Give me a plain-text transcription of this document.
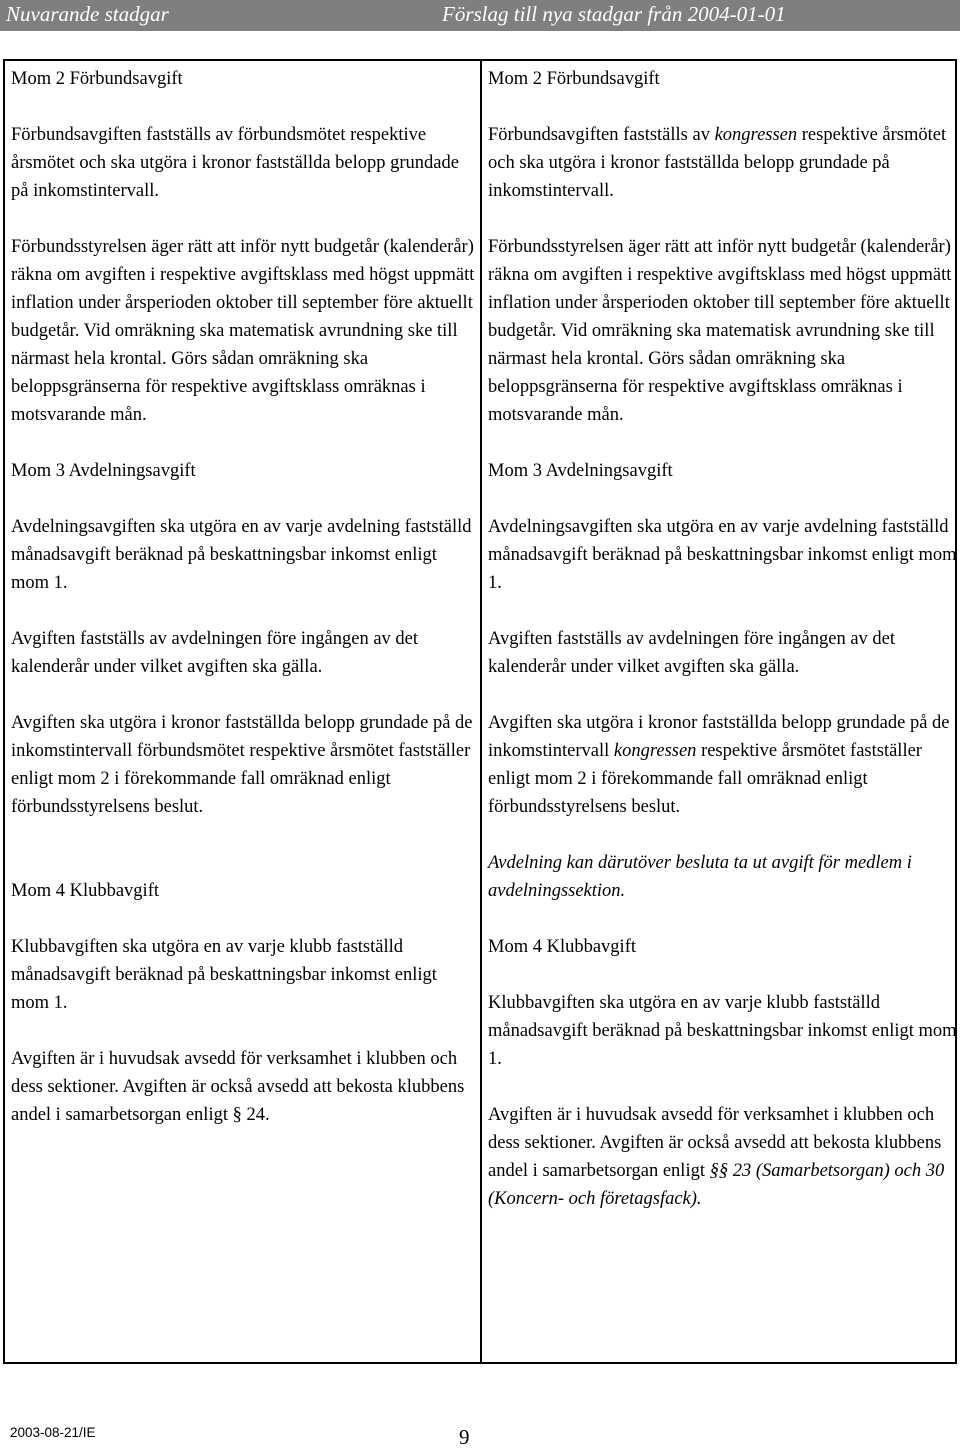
Nuvarande stadgar	Förslag till nya stadgar från 2004-01-01

Mom 2 Förbundsavgift

Förbundsavgiften fastställs av förbundsmötet respektive årsmötet och ska utgöra i kronor fastställda belopp grundade på inkomstintervall.

Förbundsstyrelsen äger rätt att inför nytt budgetår (kalenderår) räkna om avgiften i respektive avgiftsklass med högst uppmätt inflation under årsperioden oktober till september före aktuellt budgetår. Vid omräkning ska matematisk avrundning ske till närmast hela krontal. Görs sådan omräkning ska beloppsgränserna för respektive avgiftsklass omräknas i motsvarande mån.

Mom 3 Avdelningsavgift

Avdelningsavgiften ska utgöra en av varje avdelning fastställd månadsavgift beräknad på beskattningsbar inkomst enligt mom 1.

Avgiften fastställs av avdelningen före ingången av det kalenderår under vilket avgiften ska gälla.

Avgiften ska utgöra i kronor fastställda belopp grundade på de inkomstintervall förbundsmötet respektive årsmötet fastställer enligt mom 2 i förekommande fall omräknad enligt förbundsstyrelsens beslut.

Mom 4 Klubbavgift

Klubbavgiften ska utgöra en av varje klubb fastställd månadsavgift beräknad på beskattningsbar inkomst enligt mom 1.

Avgiften är i huvudsak avsedd för verksamhet i klubben och dess sektioner. Avgiften är också avsedd att bekosta klubbens andel i samarbetsorgan enligt § 24.

Mom 2 Förbundsavgift

Förbundsavgiften fastställs av kongressen respektive årsmötet och ska utgöra i kronor fastställda belopp grundade på inkomstintervall.

Förbundsstyrelsen äger rätt att inför nytt budgetår (kalenderår) räkna om avgiften i respektive avgiftsklass med högst uppmätt inflation under årsperioden oktober till september före aktuellt budgetår. Vid omräkning ska matematisk avrundning ske till närmast hela krontal. Görs sådan omräkning ska beloppsgränserna för respektive avgiftsklass omräknas i motsvarande mån.

Mom 3 Avdelningsavgift

Avdelningsavgiften ska utgöra en av varje avdelning fastställd månadsavgift beräknad på beskattningsbar inkomst enligt mom 1.

Avgiften fastställs av avdelningen före ingången av det kalenderår under vilket avgiften ska gälla.

Avgiften ska utgöra i kronor fastställda belopp grundade på de inkomstintervall kongressen respektive årsmötet fastställer enligt mom 2 i förekommande fall omräknad enligt förbundsstyrelsens beslut.

Avdelning kan därutöver besluta ta ut avgift för medlem i avdelningssektion.

Mom 4 Klubbavgift

Klubbavgiften ska utgöra en av varje klubb fastställd månadsavgift beräknad på beskattningsbar inkomst enligt mom 1.

Avgiften är i huvudsak avsedd för verksamhet i klubben och dess sektioner. Avgiften är också avsedd att bekosta klubbens andel i samarbetsorgan enligt §§ 23 (Samarbetsorgan) och 30 (Koncern- och företagsfack).

2003-08-21/IE	9
